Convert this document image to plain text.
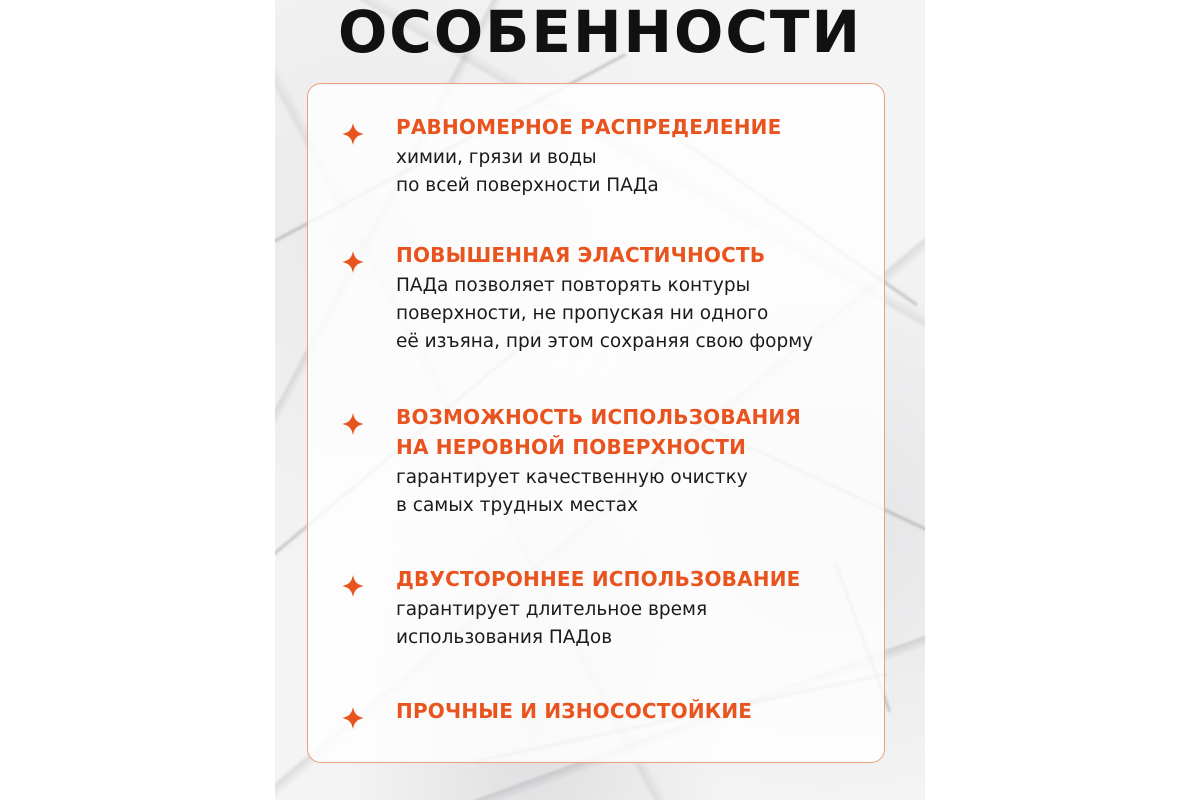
ОСОБЕННОСТИ

РАВНОМЕРНОЕ РАСПРЕДЕЛЕНИЕ

химии, грязи и воды
по всей поверхности ПАДа

ПОВЫШЕННАЯ ЭЛАСТИЧНОСТЬ

ПАДа позволяет повторять контуры
поверхности, не пропуская ни одного
её изъяна, при этом сохраняя свою форму

ВОЗМОЖНОСТЬ ИСПОЛЬЗОВАНИЯ
НА НЕРОВНОЙ ПОВЕРХНОСТИ

гарантирует качественную очистку
в самых трудных местах

ДВУСТОРОННЕЕ ИСПОЛЬЗОВАНИЕ

гарантирует длительное время
использования ПАДов

ПРОЧНЫЕ И ИЗНОСОСТОЙКИЕ
